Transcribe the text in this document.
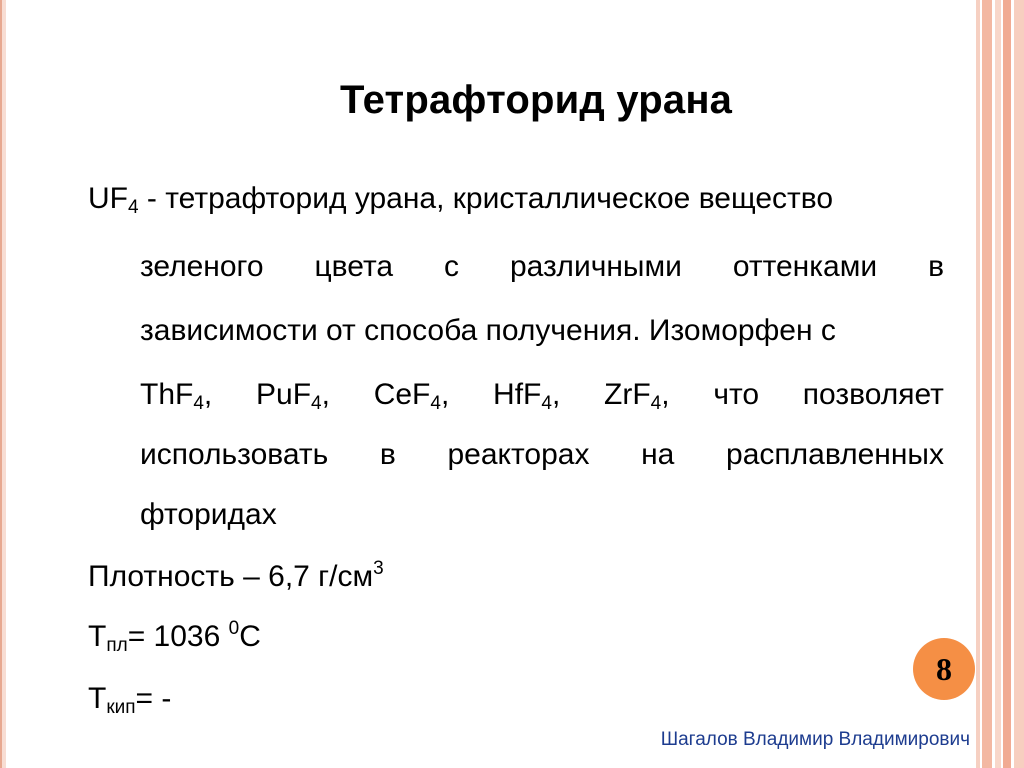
Тетрафторид урана
$UF_4$ - тетрафторид урана, кристаллическое вещество
зеленого цвета с различными оттенками в
зависимости от способа получения. Изоморфен с
ThF$_4$, PuF$_4$, CeF$_4$, HfF$_4$, ZrF$_4$, что позволяет
использовать в реакторах на расплавленных
фторидах
Плотность – 6,7 $г/см^3$
$T_{пл}= 1036$ $^0$C
$T_{кип}=$ -
8
Шагалов Владимир Владимирович
